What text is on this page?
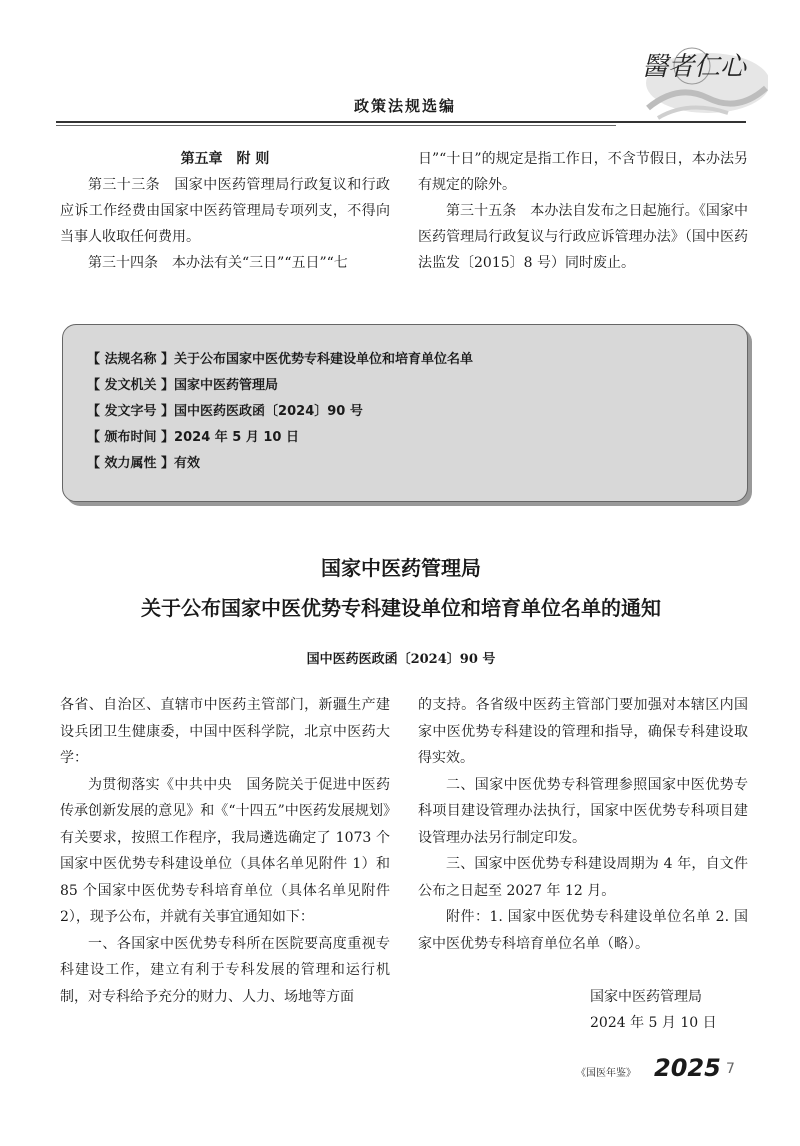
醫者仁心
政策法规选编

第五章　附 则

第三十三条　国家中医药管理局行政复议和行政应诉工作经费由国家中医药管理局专项列支，不得向当事人收取任何费用。

第三十四条　本办法有关“三日”“五日”“七

日”“十日”的规定是指工作日，不含节假日，本办法另有规定的除外。

第三十五条　本办法自发布之日起施行。《国家中医药管理局行政复议与行政应诉管理办法》（国中医药法监发〔2015〕8 号）同时废止。

【 法规名称 】关于公布国家中医优势专科建设单位和培育单位名单
【 发文机关 】国家中医药管理局
【 发文字号 】国中医药医政函〔2024〕90 号
【 颁布时间 】2024 年 5 月 10 日
【 效力属性 】有效
国家中医药管理局
关于公布国家中医优势专科建设单位和培育单位名单的通知
国中医药医政函〔2024〕90 号

各省、自治区、直辖市中医药主管部门，新疆生产建设兵团卫生健康委，中国中医科学院，北京中医药大学：

为贯彻落实《中共中央　国务院关于促进中医药传承创新发展的意见》和《“十四五”中医药发展规划》有关要求，按照工作程序，我局遴选确定了 1073 个国家中医优势专科建设单位（具体名单见附件 1）和 85 个国家中医优势专科培育单位（具体名单见附件 2），现予公布，并就有关事宜通知如下：

一、各国家中医优势专科所在医院要高度重视专科建设工作，建立有利于专科发展的管理和运行机制，对专科给予充分的财力、人力、场地等方面

的支持。各省级中医药主管部门要加强对本辖区内国家中医优势专科建设的管理和指导，确保专科建设取得实效。

二、国家中医优势专科管理参照国家中医优势专科项目建设管理办法执行，国家中医优势专科项目建设管理办法另行制定印发。

三、国家中医优势专科建设周期为 4 年，自文件公布之日起至 2027 年 12 月。

附件：1. 国家中医优势专科建设单位名单 2. 国家中医优势专科培育单位名单（略）。

国家中医药管理局
2024 年 5 月 10 日
《国医年鉴》 2025 7
